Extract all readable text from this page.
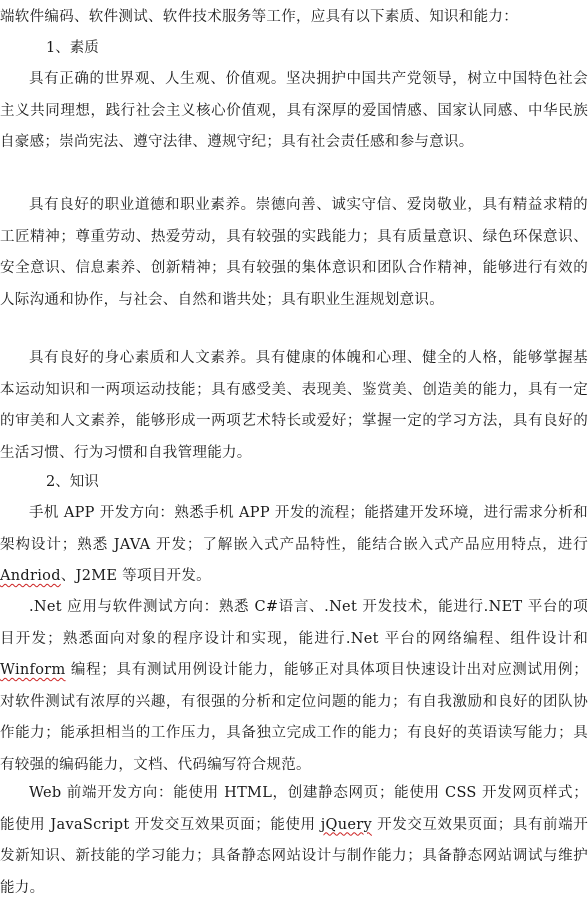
端软件编码、软件测试、软件技术服务等工作，应具有以下素质、知识和能力：

1、素质

具有正确的世界观、人生观、价值观。坚决拥护中国共产党领导，树立中国特色社会主义共同理想，践行社会主义核心价值观，具有深厚的爱国情感、国家认同感、中华民族自豪感；崇尚宪法、遵守法律、遵规守纪；具有社会责任感和参与意识。

具有良好的职业道德和职业素养。崇德向善、诚实守信、爱岗敬业，具有精益求精的工匠精神；尊重劳动、热爱劳动，具有较强的实践能力；具有质量意识、绿色环保意识、安全意识、信息素养、创新精神；具有较强的集体意识和团队合作精神，能够进行有效的人际沟通和协作，与社会、自然和谐共处；具有职业生涯规划意识。

具有良好的身心素质和人文素养。具有健康的体魄和心理、健全的人格，能够掌握基本运动知识和一两项运动技能；具有感受美、表现美、鉴赏美、创造美的能力，具有一定的审美和人文素养，能够形成一两项艺术特长或爱好；掌握一定的学习方法，具有良好的生活习惯、行为习惯和自我管理能力。

2、知识

手机 APP 开发方向：熟悉手机 APP 开发的流程；能搭建开发环境，进行需求分析和架构设计；熟悉 JAVA 开发；了解嵌入式产品特性，能结合嵌入式产品应用特点，进行 Andriod、J2ME 等项目开发。

.Net 应用与软件测试方向：熟悉 C#语言、.Net 开发技术，能进行.NET 平台的项目开发；熟悉面向对象的程序设计和实现，能进行.Net 平台的网络编程、组件设计和 Winform 编程；具有测试用例设计能力，能够正对具体项目快速设计出对应测试用例；对软件测试有浓厚的兴趣，有很强的分析和定位问题的能力；有自我激励和良好的团队协作能力；能承担相当的工作压力，具备独立完成工作的能力；有良好的英语读写能力；具有较强的编码能力，文档、代码编写符合规范。

Web 前端开发方向：能使用 HTML，创建静态网页；能使用 CSS 开发网页样式；能使用 JavaScript 开发交互效果页面；能使用 jQuery 开发交互效果页面；具有前端开发新知识、新技能的学习能力；具备静态网站设计与制作能力；具备静态网站调试与维护能力。
